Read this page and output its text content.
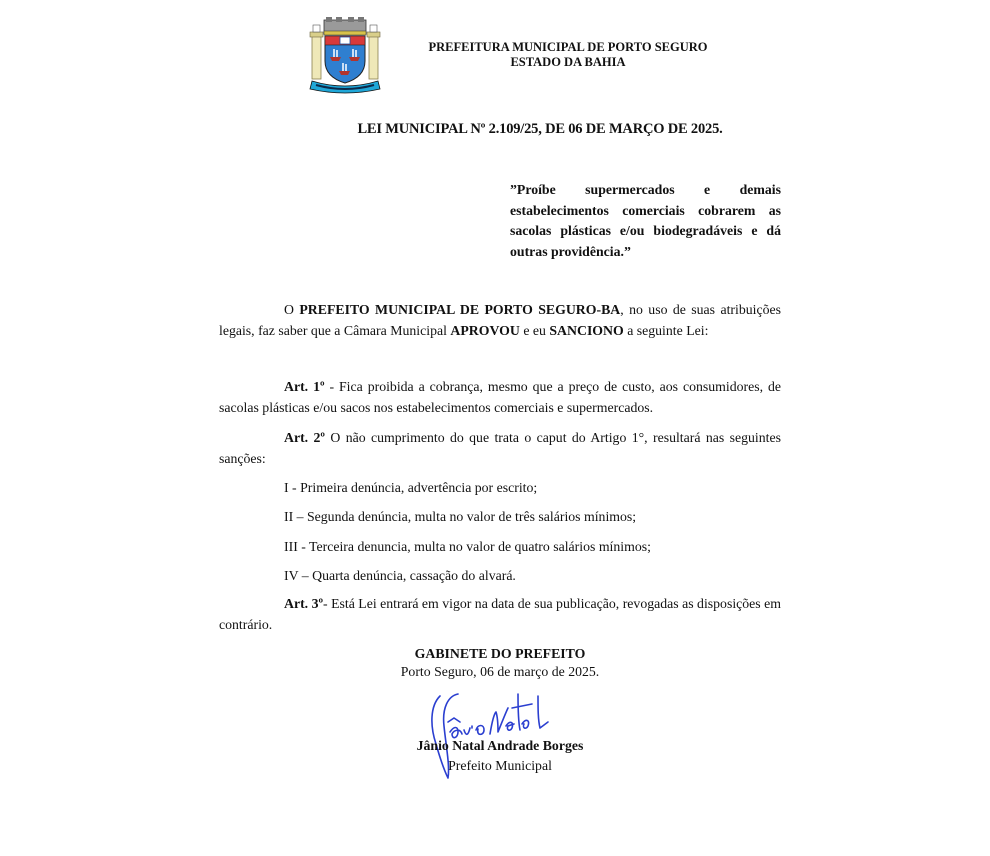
PREFEITURA MUNICIPAL DE PORTO SEGURO
ESTADO DA BAHIA
LEI MUNICIPAL Nº 2.109/25, DE 06 DE MARÇO DE 2025.
”Proíbe supermercados e demais estabelecimentos comerciais cobrarem as sacolas plásticas e/ou biodegradáveis e dá outras providência.”
O PREFEITO MUNICIPAL DE PORTO SEGURO-BA, no uso de suas atribuições legais, faz saber que a Câmara Municipal APROVOU e eu SANCIONO a seguinte Lei:
Art. 1º - Fica proibida a cobrança, mesmo que a preço de custo, aos consumidores, de sacolas plásticas e/ou sacos nos estabelecimentos comerciais e supermercados.
Art. 2º O não cumprimento do que trata o caput do Artigo 1°, resultará nas seguintes sanções:
I - Primeira denúncia, advertência por escrito;
II – Segunda denúncia, multa no valor de três salários mínimos;
III - Terceira denuncia, multa no valor de quatro salários mínimos;
IV – Quarta denúncia, cassação do alvará.
Art. 3º- Está Lei entrará em vigor na data de sua publicação, revogadas as disposições em contrário.
GABINETE DO PREFEITO
Porto Seguro, 06 de março de 2025.
Jânio Natal Andrade Borges
Prefeito Municipal
